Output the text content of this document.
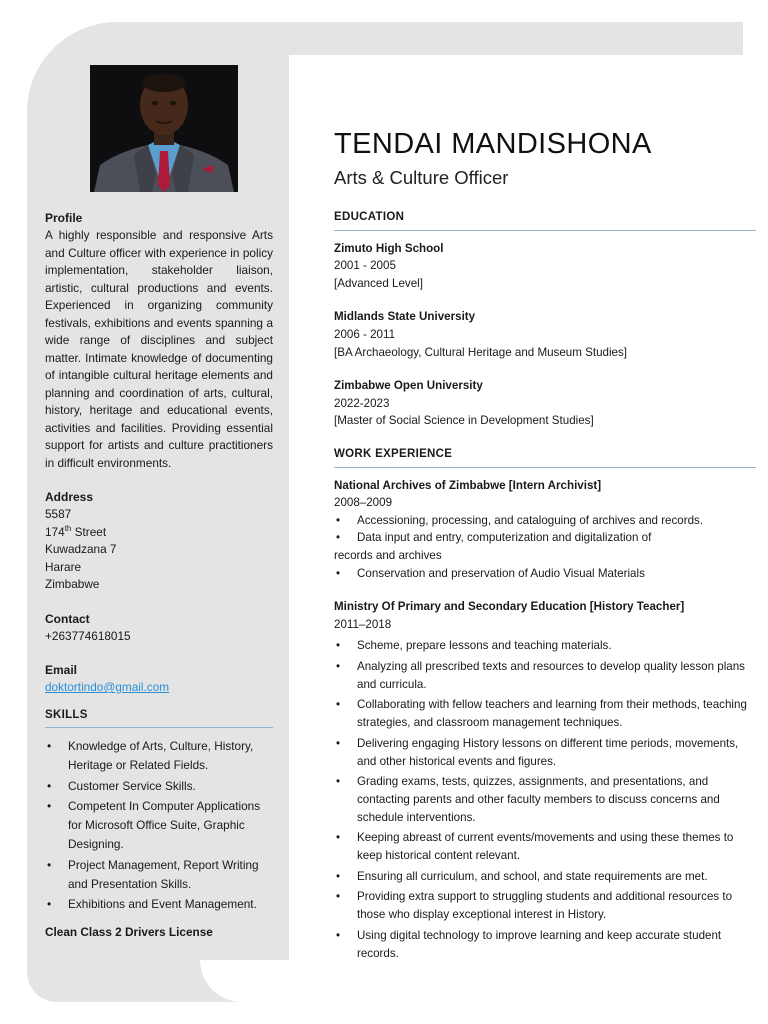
Profile
A highly responsible and responsive Arts and Culture officer with experience in policy implementation, stakeholder liaison, artistic, cultural productions and events. Experienced in organizing community festivals, exhibitions and events spanning a wide range of disciplines and subject matter. Intimate knowledge of documenting of intangible cultural heritage elements and planning and coordination of arts, cultural, history, heritage and educational events, activities and facilities. Providing essential support for artists and culture practitioners in difficult environments.
Address
5587
174th Street
Kuwadzana 7
Harare
Zimbabwe
Contact
+263774618015
Email
doktortindo@gmail.com
SKILLS
• Knowledge of Arts, Culture, History, Heritage or Related Fields.
• Customer Service Skills.
• Competent In Computer Applications for Microsoft Office Suite, Graphic Designing.
• Project Management, Report Writing and Presentation Skills.
• Exhibitions and Event Management.
Clean Class 2 Drivers License
TENDAI MANDISHONA
Arts & Culture Officer
EDUCATION
Zimuto High School
2001 - 2005
[Advanced Level]
Midlands State University
2006 - 2011
[BA Archaeology, Cultural Heritage and Museum Studies]
Zimbabwe Open University
2022-2023
[Master of Social Science in Development Studies]
WORK EXPERIENCE
National Archives of Zimbabwe [Intern Archivist]
2008–2009
• Accessioning, processing, and cataloguing of archives and records.
• Data input and entry, computerization and digitalization of
records and archives
• Conservation and preservation of Audio Visual Materials
Ministry Of Primary and Secondary Education [History Teacher]
2011–2018
• Scheme, prepare lessons and teaching materials.
• Analyzing all prescribed texts and resources to develop quality lesson plans and curricula.
• Collaborating with fellow teachers and learning from their methods, teaching strategies, and classroom management techniques.
• Delivering engaging History lessons on different time periods, movements, and other historical events and figures.
• Grading exams, tests, quizzes, assignments, and presentations, and contacting parents and other faculty members to discuss concerns and schedule interventions.
• Keeping abreast of current events/movements and using these themes to keep historical content relevant.
• Ensuring all curriculum, and school, and state requirements are met.
• Providing extra support to struggling students and additional resources to those who display exceptional interest in History.
• Using digital technology to improve learning and keep accurate student records.
